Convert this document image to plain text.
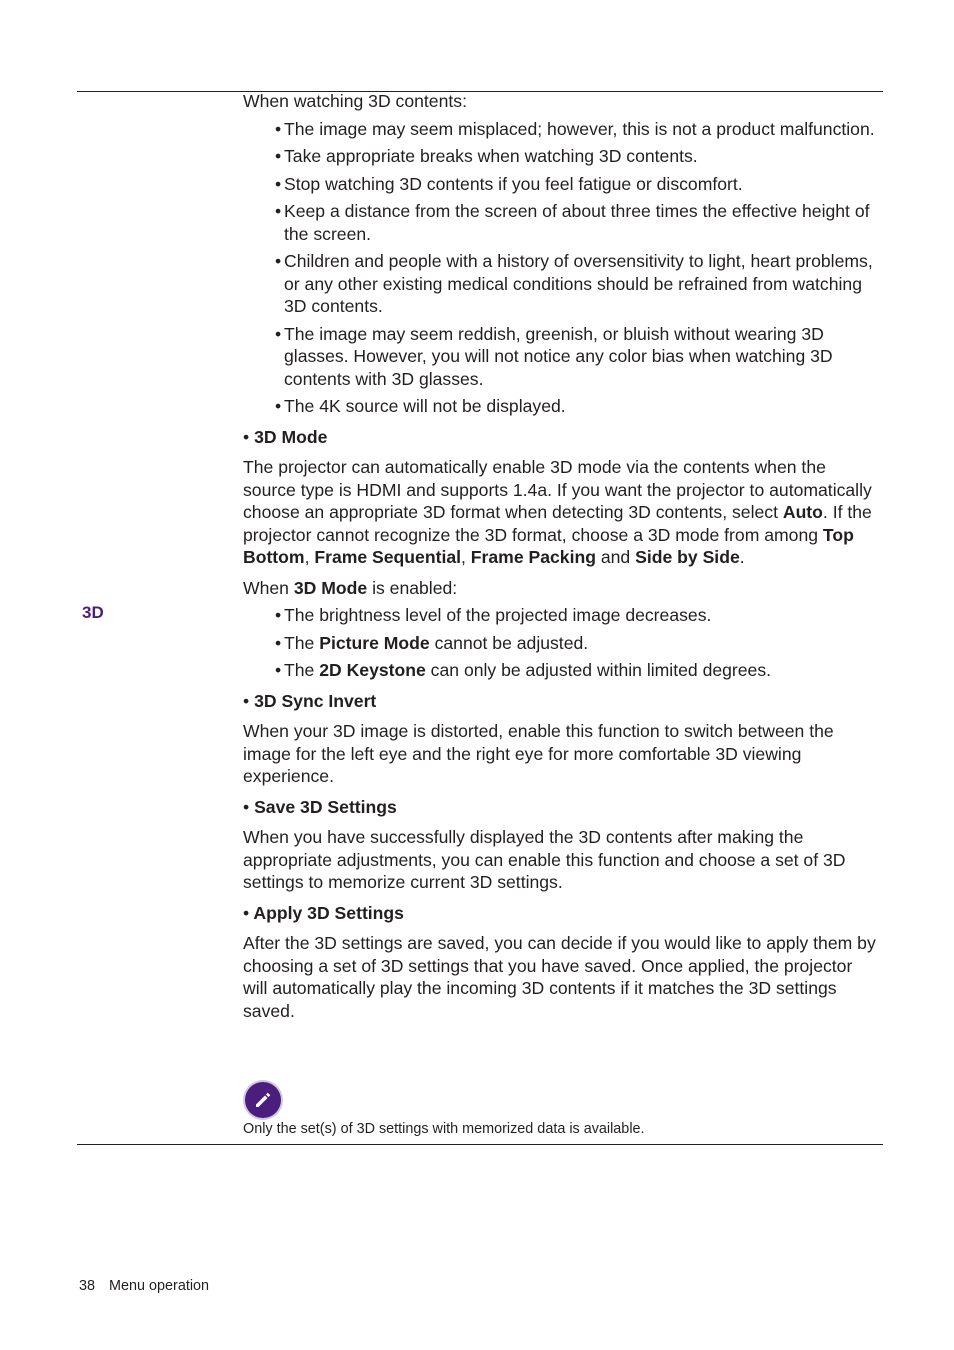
3D

When watching 3D contents:

• The image may seem misplaced; however, this is not a product malfunction.
• Take appropriate breaks when watching 3D contents.
• Stop watching 3D contents if you feel fatigue or discomfort.
• Keep a distance from the screen of about three times the effective height of the screen.
• Children and people with a history of oversensitivity to light, heart problems, or any other existing medical conditions should be refrained from watching 3D contents.
• The image may seem reddish, greenish, or bluish without wearing 3D glasses. However, you will not notice any color bias when watching 3D contents with 3D glasses.
• The 4K source will not be displayed.

• 3D Mode

The projector can automatically enable 3D mode via the contents when the source type is HDMI and supports 1.4a. If you want the projector to automatically choose an appropriate 3D format when detecting 3D contents, select Auto. If the projector cannot recognize the 3D format, choose a 3D mode from among Top Bottom, Frame Sequential, Frame Packing and Side by Side.

When 3D Mode is enabled:

• The brightness level of the projected image decreases.
• The Picture Mode cannot be adjusted.
• The 2D Keystone can only be adjusted within limited degrees.

• 3D Sync Invert

When your 3D image is distorted, enable this function to switch between the image for the left eye and the right eye for more comfortable 3D viewing experience.

• Save 3D Settings

When you have successfully displayed the 3D contents after making the appropriate adjustments, you can enable this function and choose a set of 3D settings to memorize current 3D settings.

• Apply 3D Settings

After the 3D settings are saved, you can decide if you would like to apply them by choosing a set of 3D settings that you have saved. Once applied, the projector will automatically play the incoming 3D contents if it matches the 3D settings saved.

Only the set(s) of 3D settings with memorized data is available.
38 Menu operation
